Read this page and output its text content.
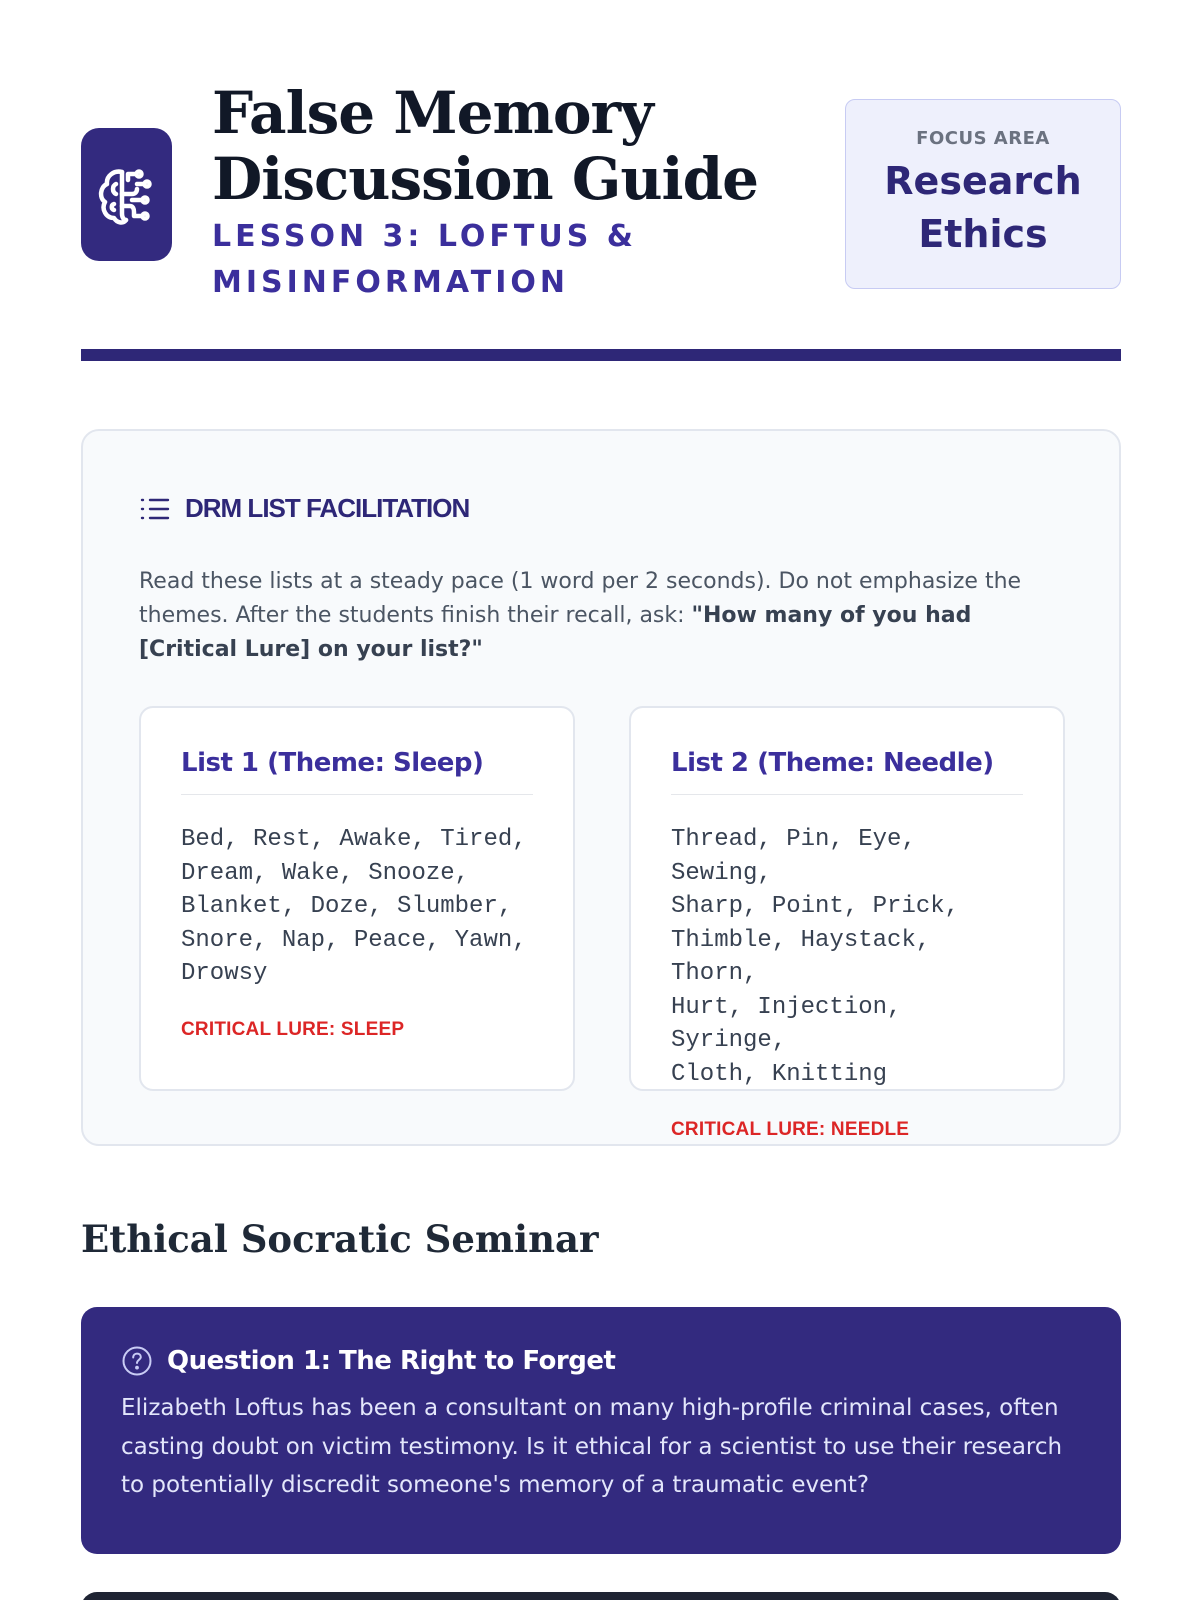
False Memory Discussion Guide
LESSON 3: LOFTUS & MISINFORMATION
FOCUS AREA
Research Ethics
DRM LIST FACILITATION

Read these lists at a steady pace (1 word per 2 seconds). Do not emphasize the themes. After the students finish their recall, ask: "How many of you had [Critical Lure] on your list?"

List 1 (Theme: Sleep)
Bed, Rest, Awake, Tired,
Dream, Wake, Snooze,
Blanket, Doze, Slumber,
Snore, Nap, Peace, Yawn,
Drowsy
CRITICAL LURE: SLEEP
List 2 (Theme: Needle)
Thread, Pin, Eye, Sewing,
Sharp, Point, Prick,
Thimble, Haystack, Thorn,
Hurt, Injection, Syringe,
Cloth, Knitting
CRITICAL LURE: NEEDLE
Ethical Socratic Seminar
Question 1: The Right to Forget

Elizabeth Loftus has been a consultant on many high-profile criminal cases, often casting doubt on victim testimony. Is it ethical for a scientist to use their research to potentially discredit someone's memory of a traumatic event?
